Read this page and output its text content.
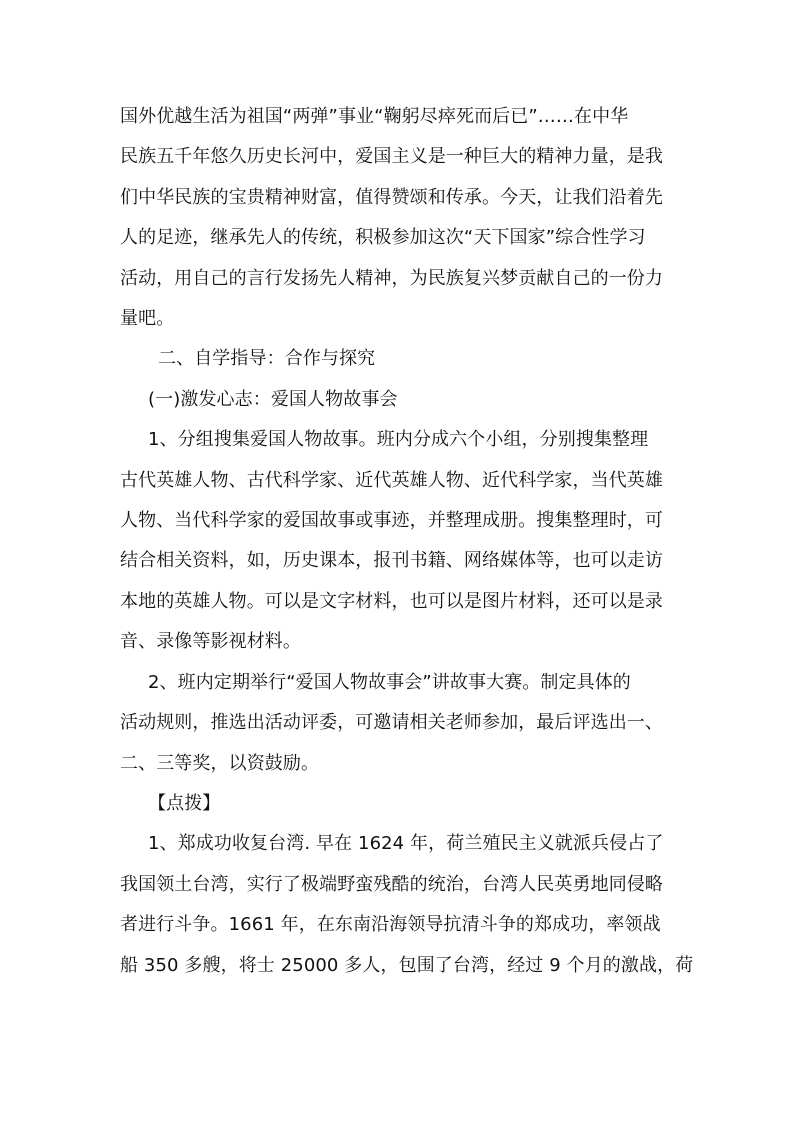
国外优越生活为祖国“两弹”事业“鞠躬尽瘁死而后已”……在中华
民族五千年悠久历史长河中，爱国主义是一种巨大的精神力量，是我
们中华民族的宝贵精神财富，值得赞颂和传承。今天，让我们沿着先
人的足迹，继承先人的传统，积极参加这次“天下国家”综合性学习
活动，用自己的言行发扬先人精神，为民族复兴梦贡献自己的一份力
量吧。
二、自学指导：合作与探究
(一)激发心志：爱国人物故事会
1、分组搜集爱国人物故事。班内分成六个小组，分别搜集整理
古代英雄人物、古代科学家、近代英雄人物、近代科学家，当代英雄
人物、当代科学家的爱国故事或事迹，并整理成册。搜集整理时，可
结合相关资料，如，历史课本，报刊书籍、网络媒体等，也可以走访
本地的英雄人物。可以是文字材料，也可以是图片材料，还可以是录
音、录像等影视材料。
2、班内定期举行“爱国人物故事会”讲故事大赛。制定具体的
活动规则，推选出活动评委，可邀请相关老师参加，最后评选出一、
二、三等奖，以资鼓励。
【点拨】
1、郑成功收复台湾. 早在 1624 年，荷兰殖民主义就派兵侵占了
我国领土台湾，实行了极端野蛮残酷的统治，台湾人民英勇地同侵略
者进行斗争。1661 年，在东南沿海领导抗清斗争的郑成功，率领战
船 350 多艘，将士 25000 多人，包围了台湾，经过 9 个月的激战，荷
